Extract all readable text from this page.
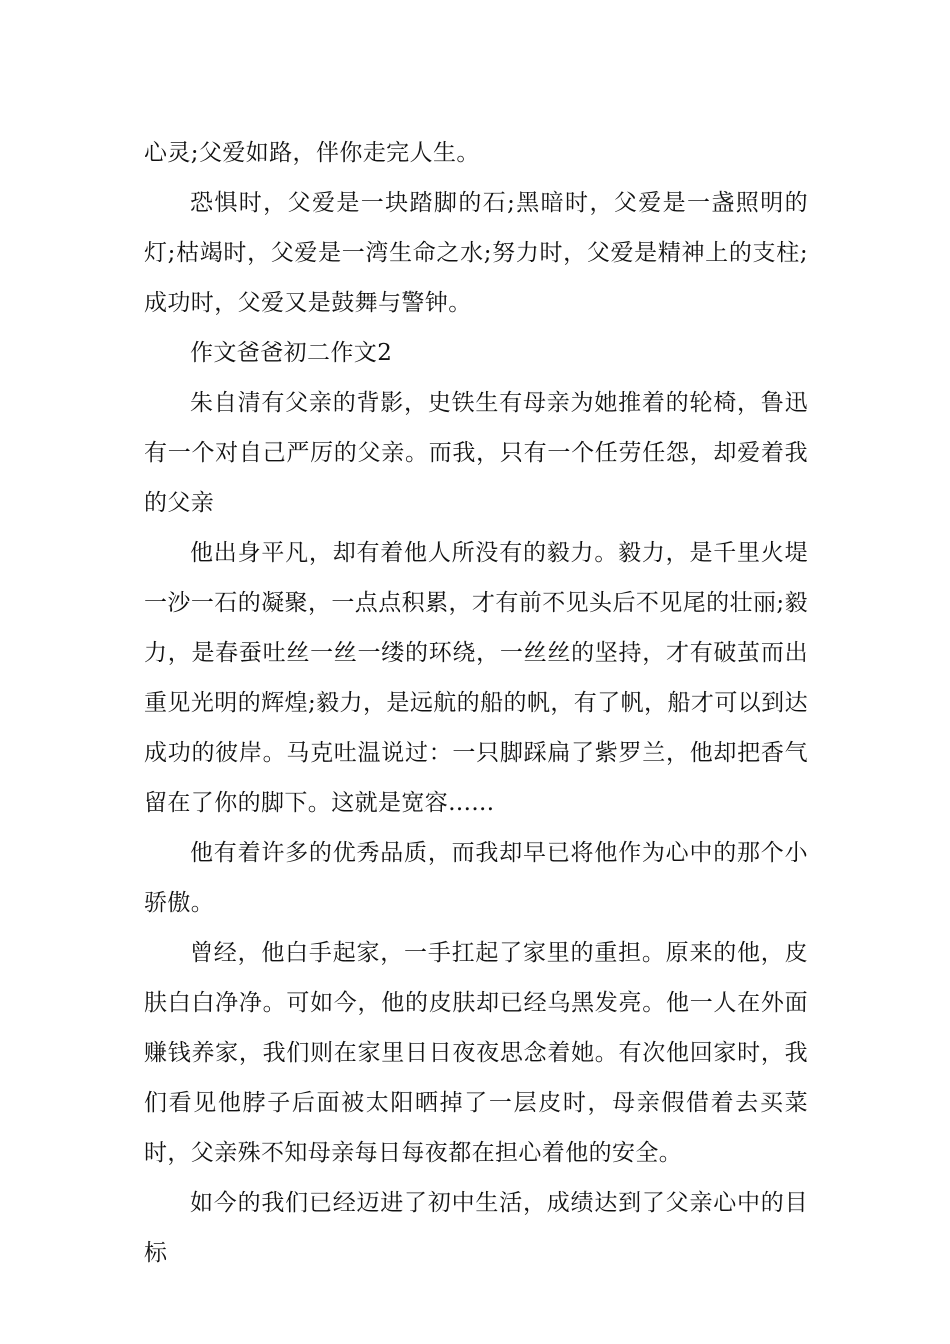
心灵;父爱如路，伴你走完人生。

恐惧时，父爱是一块踏脚的石;黑暗时，父爱是一盏照明的灯;枯竭时，父爱是一湾生命之水;努力时，父爱是精神上的支柱;成功时，父爱又是鼓舞与警钟。

作文爸爸初二作文2

朱自清有父亲的背影，史铁生有母亲为她推着的轮椅，鲁迅有一个对自己严厉的父亲。而我，只有一个任劳任怨，却爱着我的父亲

他出身平凡，却有着他人所没有的毅力。毅力，是千里火堤一沙一石的凝聚，一点点积累，才有前不见头后不见尾的壮丽;毅力，是春蚕吐丝一丝一缕的环绕，一丝丝的坚持，才有破茧而出重见光明的辉煌;毅力，是远航的船的帆，有了帆，船才可以到达成功的彼岸。马克吐温说过：一只脚踩扁了紫罗兰，他却把香气留在了你的脚下。这就是宽容......

他有着许多的优秀品质，而我却早已将他作为心中的那个小骄傲。

曾经，他白手起家，一手扛起了家里的重担。原来的他，皮肤白白净净。可如今，他的皮肤却已经乌黑发亮。他一人在外面赚钱养家，我们则在家里日日夜夜思念着她。有次他回家时，我们看见他脖子后面被太阳晒掉了一层皮时，母亲假借着去买菜时，父亲殊不知母亲每日每夜都在担心着他的安全。

如今的我们已经迈进了初中生活，成绩达到了父亲心中的目标
